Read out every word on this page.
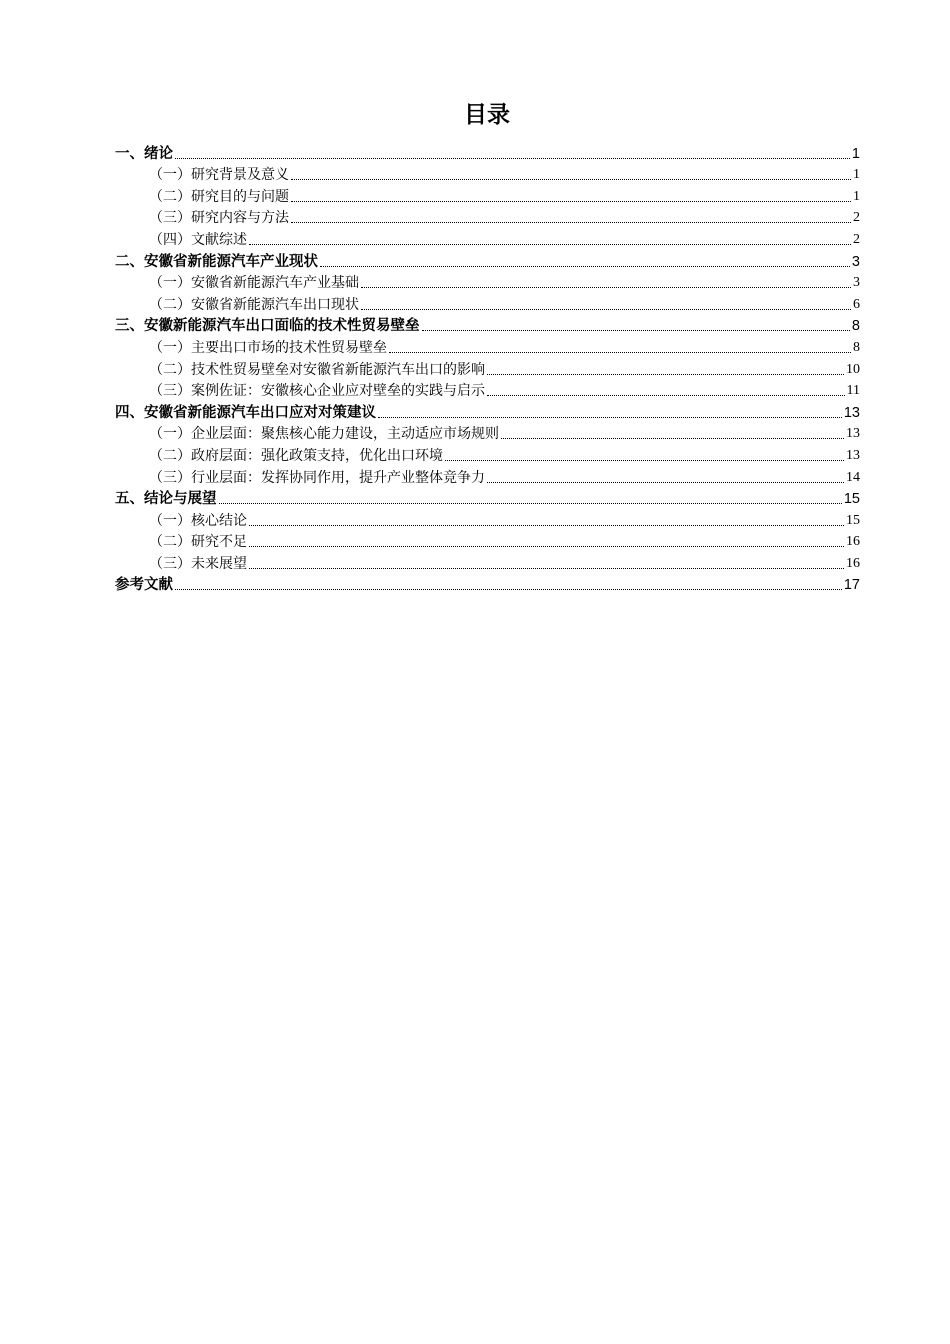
目录
一、绪论	1
（一）研究背景及意义	1
（二）研究目的与问题	1
（三）研究内容与方法	2
（四）文献综述	2
二、安徽省新能源汽车产业现状	3
（一）安徽省新能源汽车产业基础	3
（二）安徽省新能源汽车出口现状	6
三、安徽新能源汽车出口面临的技术性贸易壁垒	8
（一）主要出口市场的技术性贸易壁垒	8
（二）技术性贸易壁垒对安徽省新能源汽车出口的影响	10
（三）案例佐证：安徽核心企业应对壁垒的实践与启示	11
四、安徽省新能源汽车出口应对对策建议	13
（一）企业层面：聚焦核心能力建设，主动适应市场规则	13
（二）政府层面：强化政策支持，优化出口环境	13
（三）行业层面：发挥协同作用，提升产业整体竞争力	14
五、结论与展望	15
（一）核心结论	15
（二）研究不足	16
（三）未来展望	16
参考文献	17
